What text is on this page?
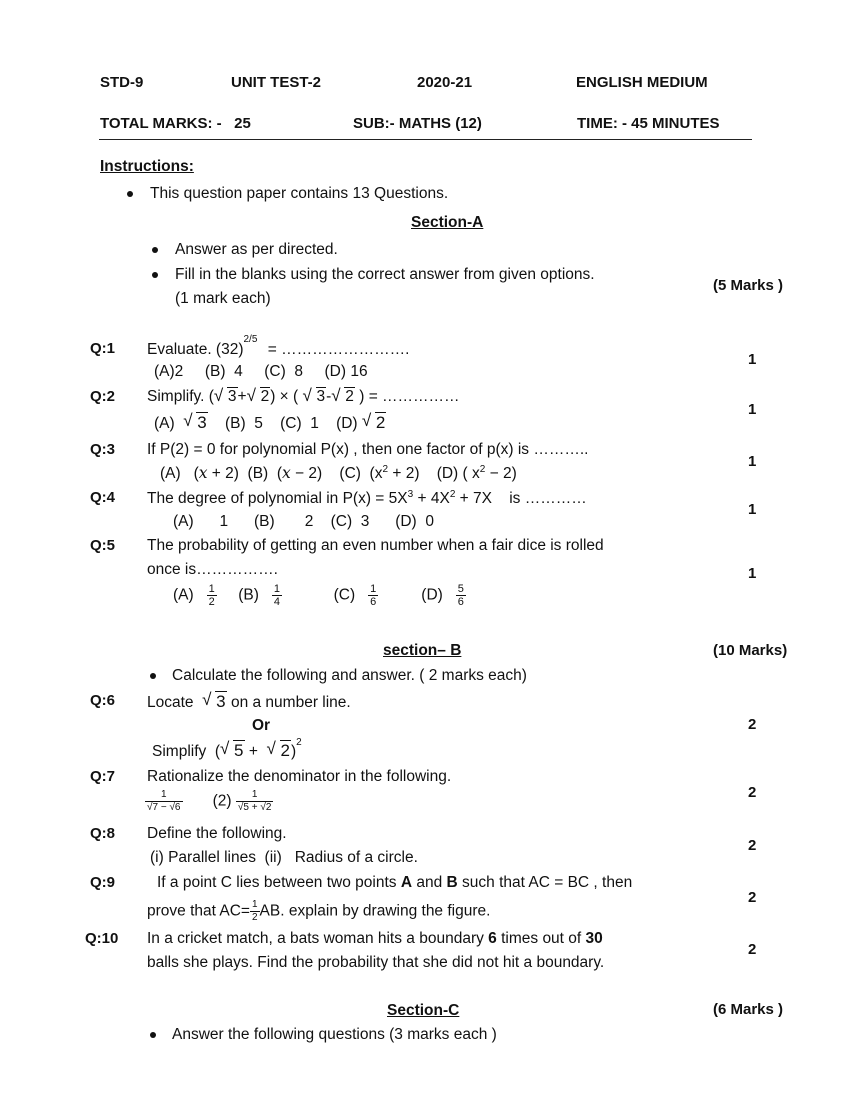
STD-9	UNIT TEST-2	2020-21	ENGLISH MEDIUM
TOTAL MARKS: -   25	SUB:- MATHS (12)	TIME: - 45 MINUTES
Instructions:
This question paper contains 13 Questions.
Section-A
Answer as per directed.
Fill in the blanks using the correct answer from given options.
(1 mark each)
(5 Marks )
Q:1 Evaluate. $(32)^{2/5}$ = …………………….
(A)2     (B)  4     (C)  8     (D) 16
1
Q:2 Simplify. ( √ 3+ √ 2) × ( √ 3- √ 2 ) = ……………
(A)  √ 3    (B)  5    (C)  1    (D) √ 2
1
Q:3 If P(2) = 0 for polynomial P(x) , then one factor of p(x) is ………..
(A)   (x + 2)  (B)  (x − 2)    (C)  $(x^2 + 2)$    (D) ( $x^2 - 2$)
1
Q:4 The degree of polynomial in $P(x) = 5X^3 + 4X^2 + 7X$    is …………
(A)      1      (B)       2    (C)  3      (D)  0
1
Q:5 The probability of getting an even number when a fair dice is rolled
once is…………….
$(A) \frac{1}{2} (B) \frac{1}{4} (C) \frac{1}{6} (D) \frac{5}{6}$
1
section– B	(10 Marks)
Calculate the following and answer. ( 2 marks each)
Q:6 Locate √ 3 on a number line.
Or
Simplify  ( √ 5 +  √ 2)$^2$
2
Q:7 Rationalize the denominator in the following.
$\frac{1}{√7 - √6} (2) \frac{1}{√5 + √2}$	2
Q:8 Define the following.
(i) Parallel lines  (ii)   Radius of a circle.
2
Q:9	If a point C lies between two points A and B such that AC = BC , then
prove that $AC= \frac{1}{2}$ AB. explain by drawing the figure.
2
Q:10 In a cricket match, a bats woman hits a boundary 6 times out of 30
balls she plays. Find the probability that she did not hit a boundary.
2
Section-C	(6 Marks )
Answer the following questions (3 marks each )
